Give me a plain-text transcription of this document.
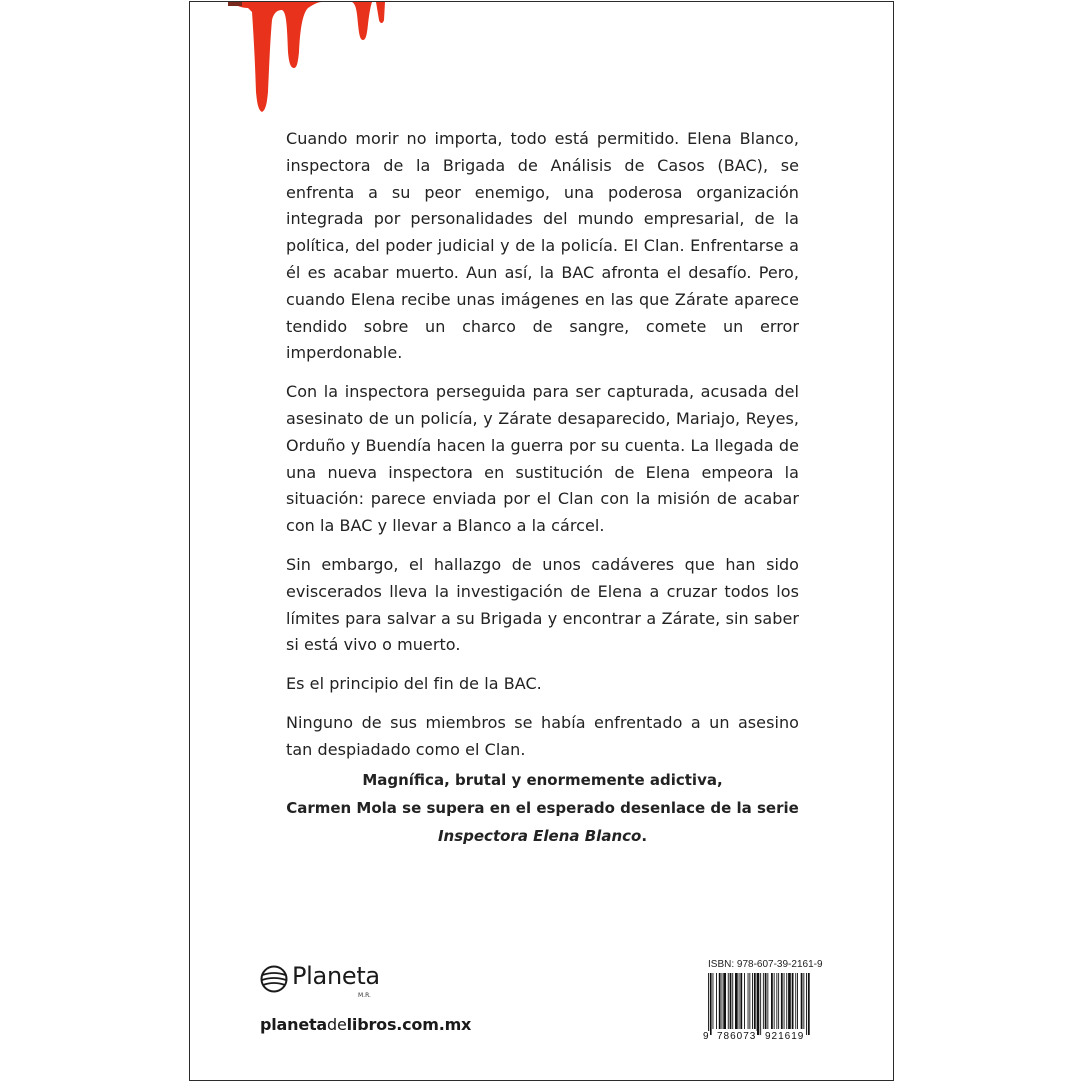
Cuando morir no importa, todo está permitido. Elena Blanco, inspectora de la Brigada de Análisis de Casos (BAC), se enfrenta a su peor enemigo, una poderosa organización integrada por personalidades del mundo empresarial, de la política, del poder judicial y de la policía. El Clan. Enfrentarse a él es acabar muerto. Aun así, la BAC afronta el desafío. Pero, cuando Elena recibe unas imágenes en las que Zárate aparece tendido sobre un charco de sangre, comete un error imperdonable.

Con la inspectora perseguida para ser capturada, acusada del asesinato de un policía, y Zárate desaparecido, Mariajo, Reyes, Orduño y Buendía hacen la guerra por su cuenta. La llegada de una nueva inspectora en sustitución de Elena empeora la situación: parece enviada por el Clan con la misión de acabar con la BAC y llevar a Blanco a la cárcel.

Sin embargo, el hallazgo de unos cadáveres que han sido eviscerados lleva la investigación de Elena a cruzar todos los límites para salvar a su Brigada y encontrar a Zárate, sin saber si está vivo o muerto.

Es el principio del fin de la BAC.

Ninguno de sus miembros se había enfrentado a un asesino tan despiadado como el Clan.

Magnífica, brutal y enormemente adictiva,
Carmen Mola se supera en el esperado desenlace de la serie
Inspectora Elena Blanco.
Planeta
M.R.
planetadelibros.com.mx
ISBN: 978-607-39-2161-9
9 786073 921619
